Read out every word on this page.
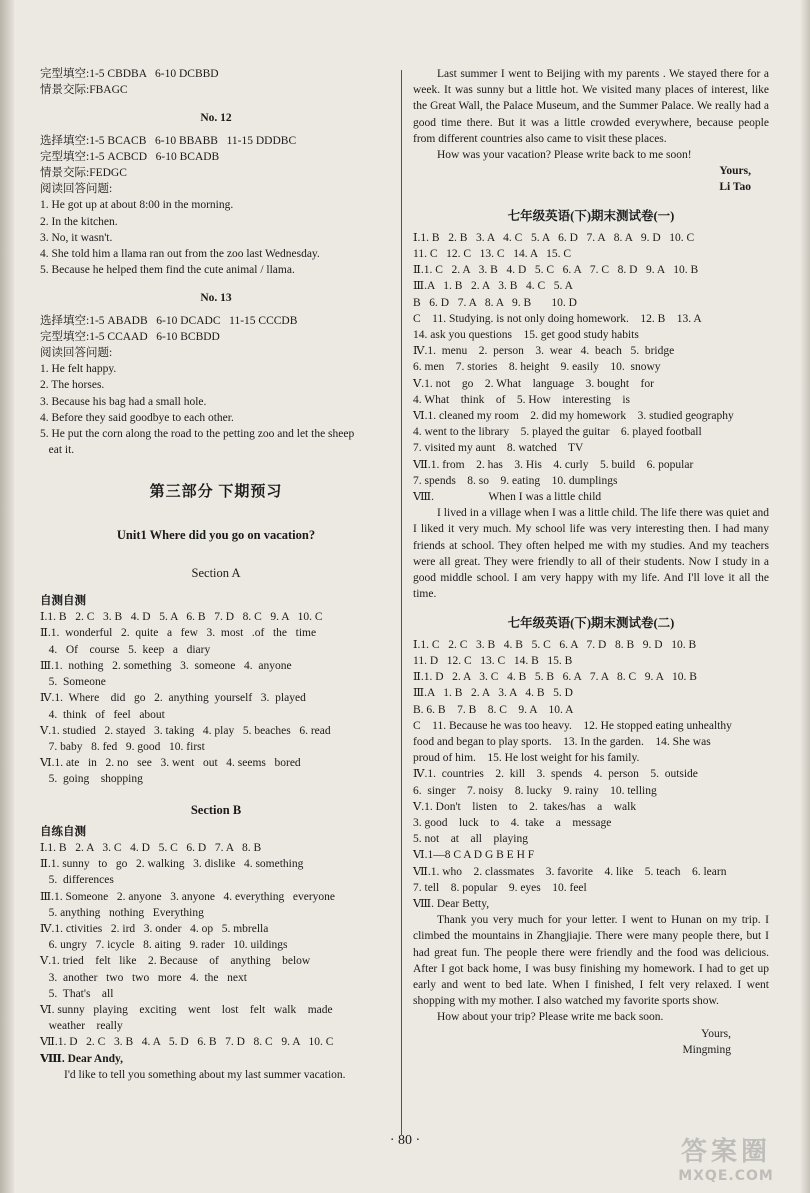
完型填空:1-5 CBDBA   6-10 DCBBD
情景交际:FBAGC
No. 12
选择填空:1-5 BCACB   6-10 BBABB   11-15 DDDBC
完型填空:1-5 ACBCD   6-10 BCADB
情景交际:FEDGC
阅读回答问题:
1. He got up at about 8:00 in the morning.
2. In the kitchen.
3. No, it wasn't.
4. She told him a llama ran out from the zoo last Wednesday.
5. Because he helped them find the cute animal / llama.
No. 13
选择填空:1-5 ABADB   6-10 DCADC   11-15 CCCDB
完型填空:1-5 CCAAD   6-10 BCBDD
阅读回答问题:
1. He felt happy.
2. The horses.
3. Because his bag had a small hole.
4. Before they said goodbye to each other.
5. He put the corn along the road to the petting zoo and let the sheep
eat it.
第三部分 下期预习
Unit1 Where did you go on vacation?
Section A
自测自测
Ⅰ.1. B   2. C   3. B   4. D   5. A   6. B   7. D   8. C   9. A   10. C
Ⅱ.1.  wonderful   2.  quite   a   few   3.  most   .of   the   time
4.   Of    course   5.  keep   a   diary
Ⅲ.1.  nothing   2. something   3.  someone   4.  anyone
5.  Someone
Ⅳ.1.  Where    did   go   2.  anything  yourself   3.  played
4.  think   of   feel   about
Ⅴ.1. studied   2. stayed   3. taking   4. play   5. beaches   6. read
7. baby   8. fed   9. good   10. first
Ⅵ.1. ate   in   2. no   see   3. went   out   4. seems   bored
5.  going    shopping
Section B
自练自测
Ⅰ.1. B   2. A   3. C   4. D   5. C   6. D   7. A   8. B
Ⅱ.1. sunny   to   go   2. walking   3. dislike   4. something
5.  differences
Ⅲ.1. Someone   2. anyone   3. anyone   4. everything   everyone
5. anything   nothing   Everything
Ⅳ.1. ctivities   2. ird   3. onder   4. op   5. mbrella
6. ungry   7. icycle   8. aiting   9. rader   10. uildings
Ⅴ.1. tried    felt   like    2. Because    of    anything    below
3.  another   two   two   more   4.  the   next
5.  That's    all
Ⅵ. sunny   playing    exciting    went    lost    felt   walk    made
weather    really
Ⅶ.1. D   2. C   3. B   4. A   5. D   6. B   7. D   8. C   9. A   10. C
Ⅷ. Dear Andy,
I'd like to tell you something about my last summer vacation.
Last summer I went to Beijing with my parents . We stayed there for a week. It was sunny but a little hot. We visited many places of interest, like the Great Wall, the Palace Museum, and the Summer Palace. We really had a good time there. But it was a little crowded everywhere, because people from different countries also came to visit these places.
How was your vacation? Please write back to me soon!
Yours,
Li Tao
七年级英语(下)期末测试卷(一)
Ⅰ.1. B   2. B   3. A   4. C   5. A   6. D   7. A   8. A   9. D   10. C
11. C   12. C   13. C   14. A   15. C
Ⅱ.1. C   2. A   3. B   4. D   5. C   6. A   7. C   8. D   9. A   10. B
Ⅲ.A   1. B   2. A   3. B   4. C   5. A
B   6. D   7. A   8. A   9. B       10. D
C    11. Studying. is not only doing homework.    12. B    13. A
14. ask you questions    15. get good study habits
Ⅳ.1.  menu    2.  person    3.  wear   4.  beach   5.  bridge
6. men    7. stories    8. height    9. easily    10.  snowy
Ⅴ.1. not    go    2. What    language    3. bought    for
4. What    think    of    5. How    interesting    is
Ⅵ.1. cleaned my room    2. did my homework    3. studied geography
4. went to the library    5. played the guitar    6. played football
7. visited my aunt    8. watched    TV
Ⅶ.1. from    2. has    3. His    4. curly    5. build    6. popular
7. spends    8. so    9. eating    10. dumplings
Ⅷ.                   When I was a little child
I lived in a village when I was a little child. The life there was quiet and I liked it very much. My school life was very interesting then. I had many friends at school. They often helped me with my studies. And my teachers were all great. They were friendly to all of their students. Now I study in a good middle school. I am very happy with my life. And I'll love it all the time.
七年级英语(下)期末测试卷(二)
Ⅰ.1. C   2. C   3. B   4. B   5. C   6. A   7. D   8. B   9. D   10. B
11. D   12. C   13. C   14. B   15. B
Ⅱ.1. D   2. A   3. C   4. B   5. B   6. A   7. A   8. C   9. A   10. B
Ⅲ.A   1. B   2. A   3. A   4. B   5. D
B. 6. B    7. B    8. C    9. A    10. A
C    11. Because he was too heavy.    12. He stopped eating unhealthy
food and began to play sports.    13. In the garden.    14. She was
proud of him.    15. He lost weight for his family.
Ⅳ.1.  countries    2.  kill    3.  spends    4.  person    5.  outside
6.  singer    7. noisy    8. lucky    9. rainy    10. telling
Ⅴ.1. Don't    listen    to    2.  takes/has    a    walk
3. good    luck    to    4.  take    a    message
5. not    at    all    playing
Ⅵ.1—8 C A D G B E H F
Ⅶ.1. who    2. classmates    3. favorite    4. like    5. teach    6. learn
7. tell    8. popular    9. eyes    10. feel
Ⅷ. Dear Betty,
Thank you very much for your letter. I went to Hunan on my trip. I climbed the mountains in Zhangjiajie. There were many people there, but I had great fun. The people there were friendly and the food was delicious. After I got back home, I was busy finishing my homework. I had to get up early and went to bed late. When I finished, I felt very relaxed. I went shopping with my mother. I also watched my favorite sports show.
How about your trip? Please write me back soon.
Yours,
Mingming
· 80 ·	答案圈
MXQE.COM
